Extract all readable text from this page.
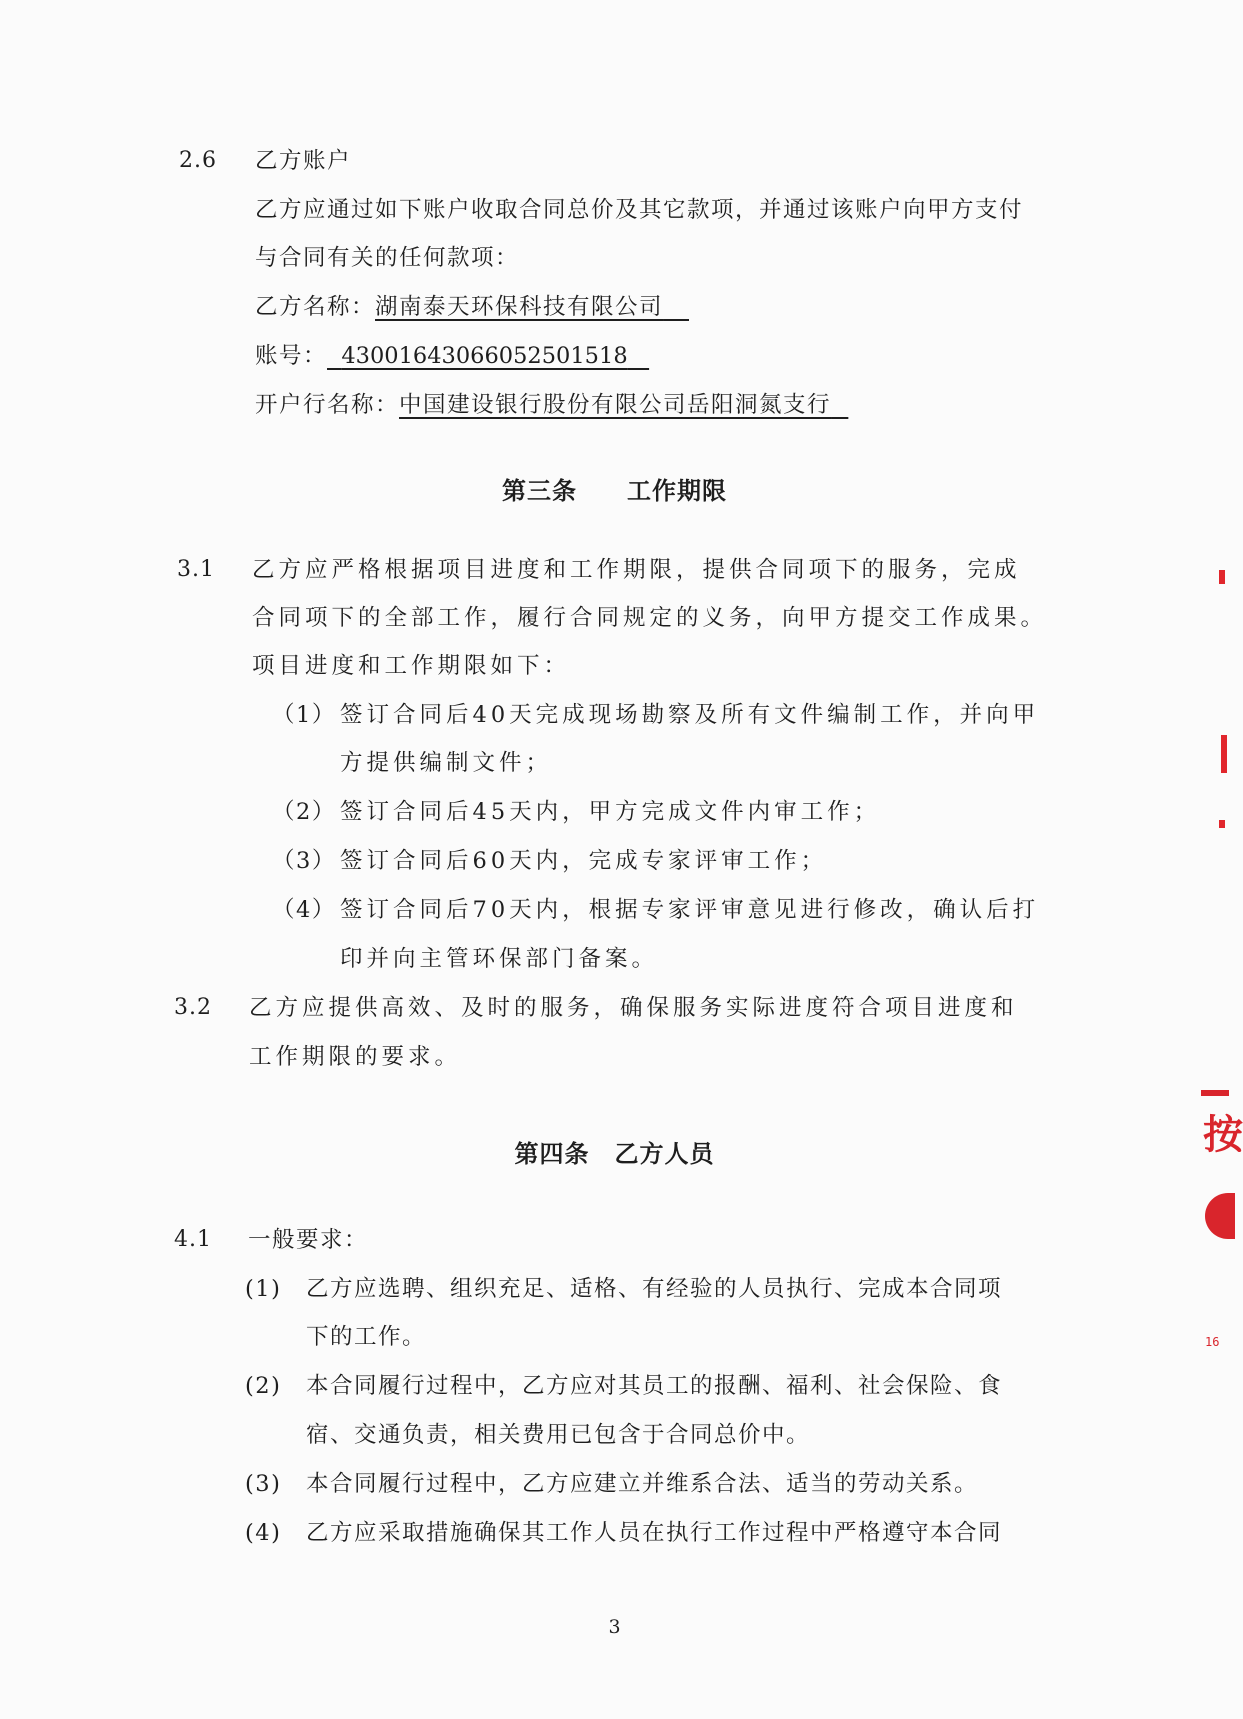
2.6 乙方账户
乙方应通过如下账户收取合同总价及其它款项，并通过该账户向甲方支付
与合同有关的任何款项：
乙方名称：湖南泰天环保科技有限公司
账号： 43001643066052501518
开户行名称：中国建设银行股份有限公司岳阳洞氮支行
第三条　　工作期限
3.1 乙方应严格根据项目进度和工作期限，提供合同项下的服务，完成
合同项下的全部工作，履行合同规定的义务，向甲方提交工作成果。
项目进度和工作期限如下：
（1） 签订合同后40天完成现场勘察及所有文件编制工作，并向甲
方提供编制文件；
（2） 签订合同后45天内，甲方完成文件内审工作；
（3） 签订合同后60天内，完成专家评审工作；
（4） 签订合同后70天内，根据专家评审意见进行修改，确认后打
印并向主管环保部门备案。
3.2 乙方应提供高效、及时的服务，确保服务实际进度符合项目进度和
工作期限的要求。
第四条　乙方人员
4.1 一般要求：
(1) 乙方应选聘、组织充足、适格、有经验的人员执行、完成本合同项
下的工作。
(2) 本合同履行过程中，乙方应对其员工的报酬、福利、社会保险、食
宿、交通负责，相关费用已包含于合同总价中。
(3) 本合同履行过程中，乙方应建立并维系合法、适当的劳动关系。
(4) 乙方应采取措施确保其工作人员在执行工作过程中严格遵守本合同
3
按
16
